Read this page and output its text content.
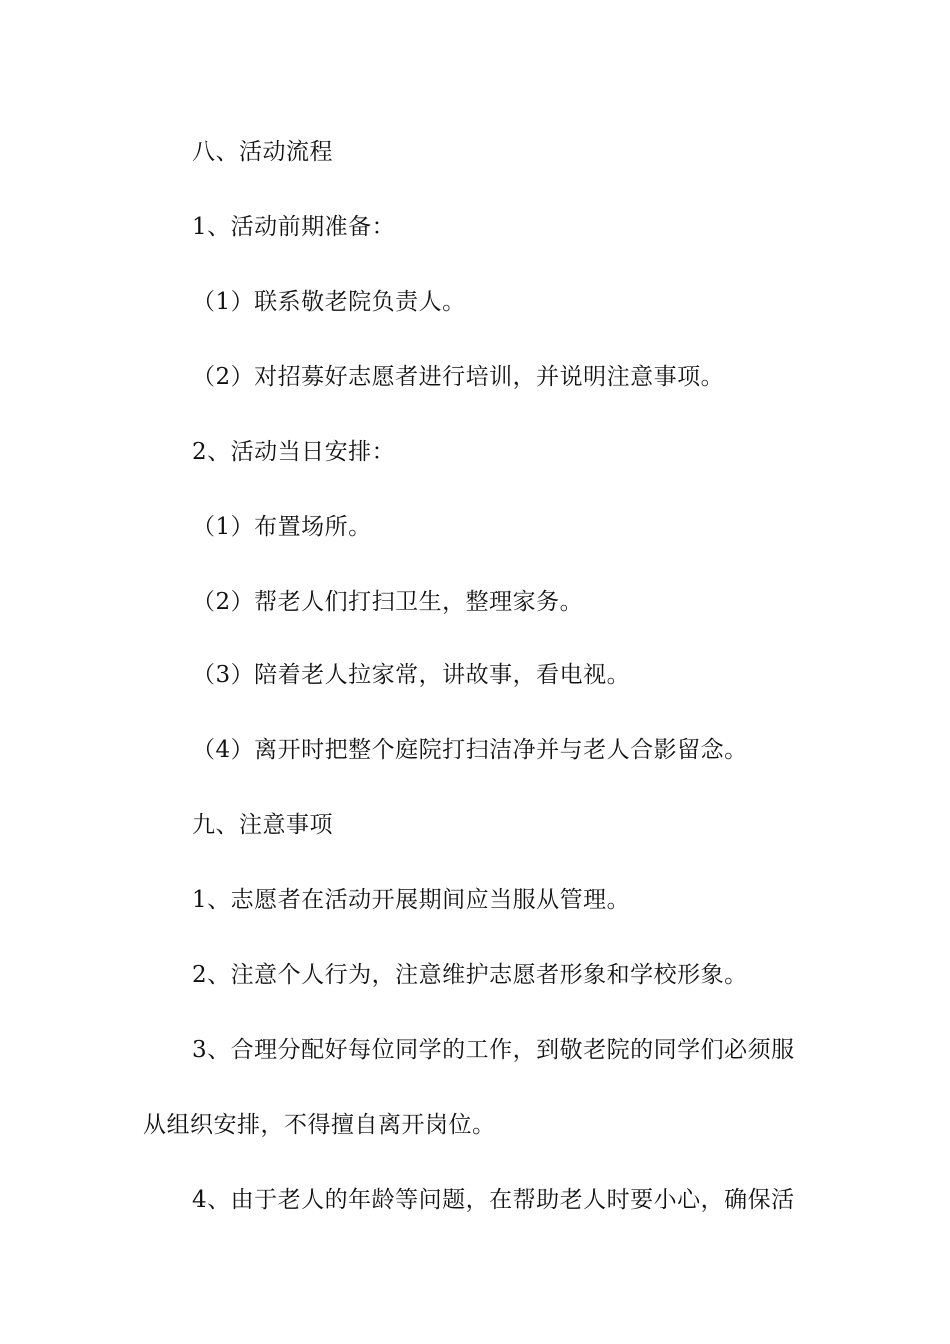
八、活动流程
1、活动前期准备：
（1）联系敬老院负责人。
（2）对招募好志愿者进行培训，并说明注意事项。
2、活动当日安排：
（1）布置场所。
（2）帮老人们打扫卫生，整理家务。
（3）陪着老人拉家常，讲故事，看电视。
（4）离开时把整个庭院打扫洁净并与老人合影留念。
九、注意事项
1、志愿者在活动开展期间应当服从管理。
2、注意个人行为，注意维护志愿者形象和学校形象。
3、合理分配好每位同学的工作，到敬老院的同学们必须服
从组织安排，不得擅自离开岗位。
4、由于老人的年龄等问题，在帮助老人时要小心，确保活
